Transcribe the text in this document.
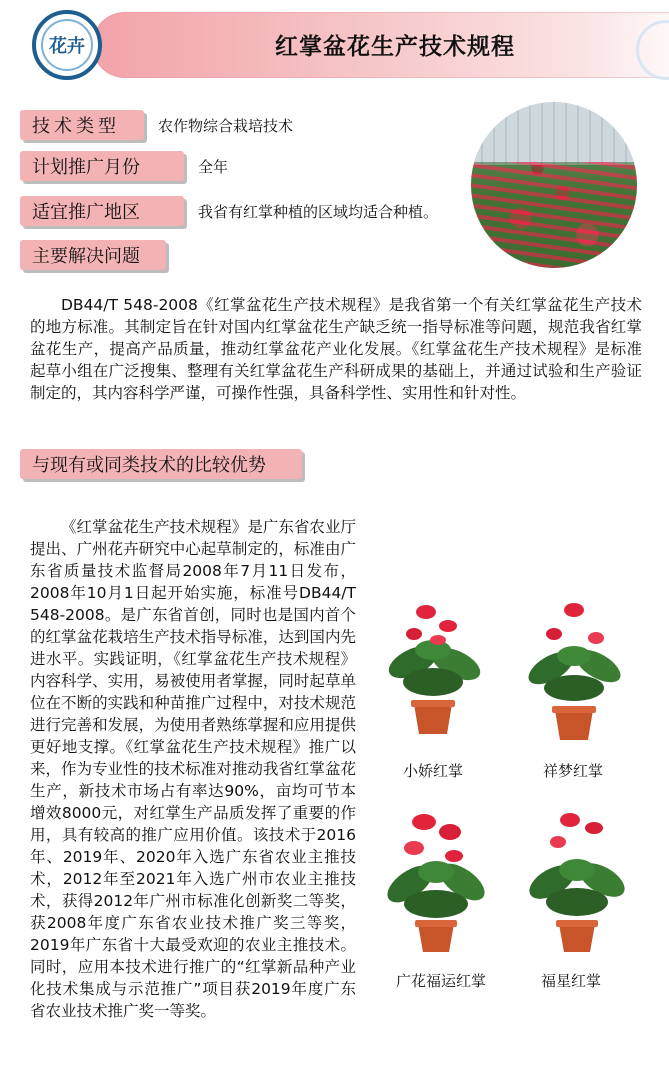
花卉	红掌盆花生产技术规程
技术类型	农作物综合栽培技术
计划推广月份	全年
适宜推广地区	我省有红掌种植的区域均适合种植。
主要解决问题

DB44/T 548-2008《红掌盆花生产技术规程》是我省第一个有关红掌盆花生产技术的地方标准。其制定旨在针对国内红掌盆花生产缺乏统一指导标准等问题，规范我省红掌盆花生产，提高产品质量，推动红掌盆花产业化发展。《红掌盆花生产技术规程》是标准起草小组在广泛搜集、整理有关红掌盆花生产科研成果的基础上，并通过试验和生产验证制定的，其内容科学严谨，可操作性强，具备科学性、实用性和针对性。

与现有或同类技术的比较优势

《红掌盆花生产技术规程》是广东省农业厅提出、广州花卉研究中心起草制定的，标准由广东省质量技术监督局2008年7月11日发布，2008年10月1日起开始实施，标准号DB44/T 548-2008。是广东省首创，同时也是国内首个的红掌盆花栽培生产技术指导标准，达到国内先进水平。实践证明，《红掌盆花生产技术规程》内容科学、实用，易被使用者掌握，同时起草单位在不断的实践和种苗推广过程中，对技术规范进行完善和发展，为使用者熟练掌握和应用提供更好地支撑。《红掌盆花生产技术规程》推广以来，作为专业性的技术标准对推动我省红掌盆花生产，新技术市场占有率达90%，亩均可节本增效8000元，对红掌生产品质发挥了重要的作用，具有较高的推广应用价值。该技术于2016年、2019年、2020年入选广东省农业主推技术，2012年至2021年入选广州市农业主推技术，获得2012年广州市标准化创新奖二等奖，获2008年度广东省农业技术推广奖三等奖，2019年广东省十大最受欢迎的农业主推技术。同时，应用本技术进行推广的“红掌新品种产业化技术集成与示范推广”项目获2019年度广东省农业技术推广奖一等奖。

小娇红掌	祥梦红掌
广花福运红掌	福星红掌
